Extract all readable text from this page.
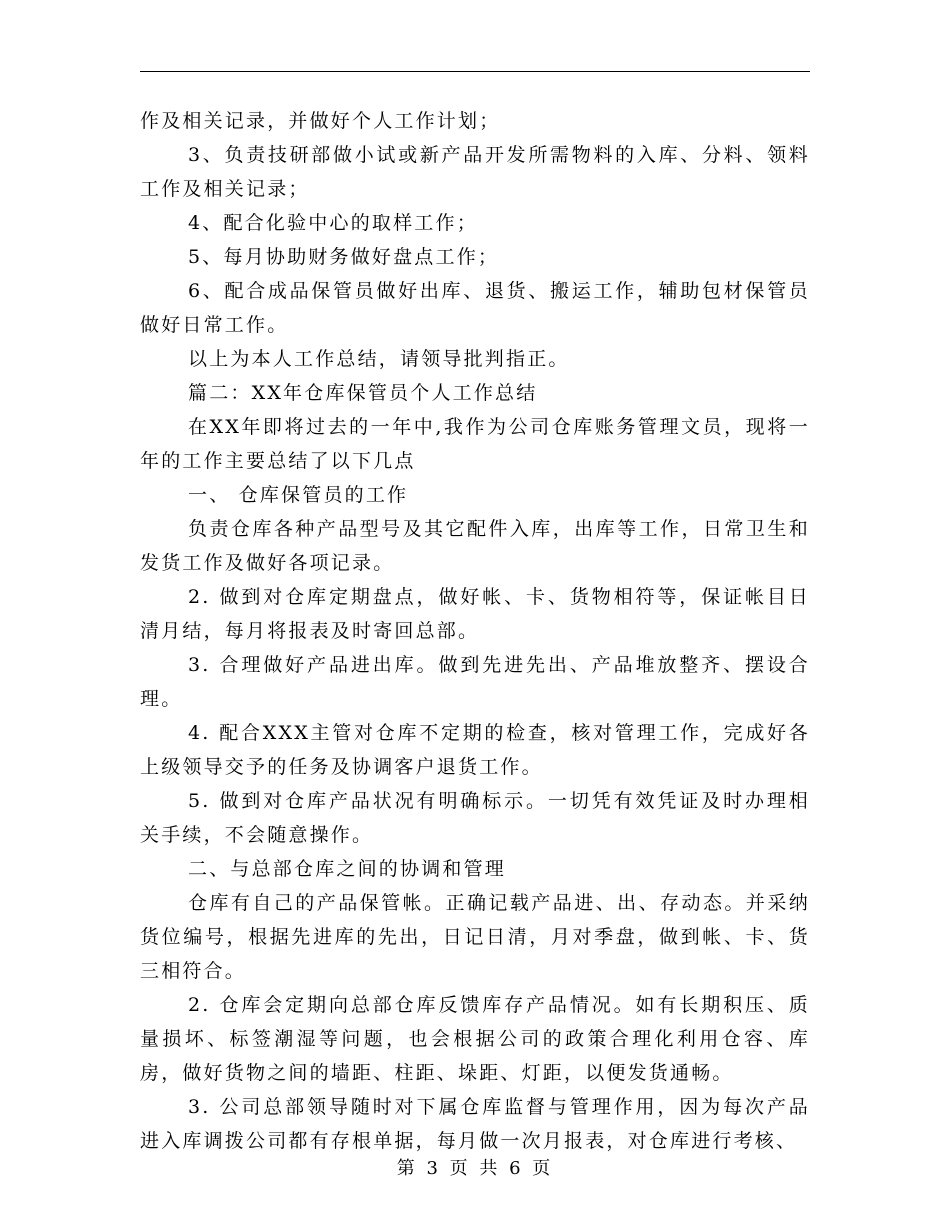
作及相关记录，并做好个人工作计划；

3、负责技研部做小试或新产品开发所需物料的入库、分料、领料工作及相关记录；

4、配合化验中心的取样工作；

5、每月协助财务做好盘点工作；

6、配合成品保管员做好出库、退货、搬运工作，辅助包材保管员做好日常工作。

以上为本人工作总结，请领导批判指正。

篇二：XX年仓库保管员个人工作总结

在XX年即将过去的一年中,我作为公司仓库账务管理文员，现将一年的工作主要总结了以下几点

一、 仓库保管员的工作

负责仓库各种产品型号及其它配件入库，出库等工作，日常卫生和发货工作及做好各项记录。

2. 做到对仓库定期盘点，做好帐、卡、货物相符等，保证帐目日清月结，每月将报表及时寄回总部。

3. 合理做好产品进出库。做到先进先出、产品堆放整齐、摆设合理。

4. 配合XXX主管对仓库不定期的检查，核对管理工作，完成好各上级领导交予的任务及协调客户退货工作。

5. 做到对仓库产品状况有明确标示。一切凭有效凭证及时办理相关手续，不会随意操作。

二、与总部仓库之间的协调和管理

仓库有自己的产品保管帐。正确记载产品进、出、存动态。并采纳货位编号，根据先进库的先出，日记日清，月对季盘，做到帐、卡、货三相符合。

2. 仓库会定期向总部仓库反馈库存产品情况。如有长期积压、质量损坏、标签潮湿等问题，也会根据公司的政策合理化利用仓容、库房，做好货物之间的墙距、柱距、垛距、灯距，以便发货通畅。

3. 公司总部领导随时对下属仓库监督与管理作用，因为每次产品进入库调拨公司都有存根单据，每月做一次月报表，对仓库进行考核、

第 3 页 共 6 页
